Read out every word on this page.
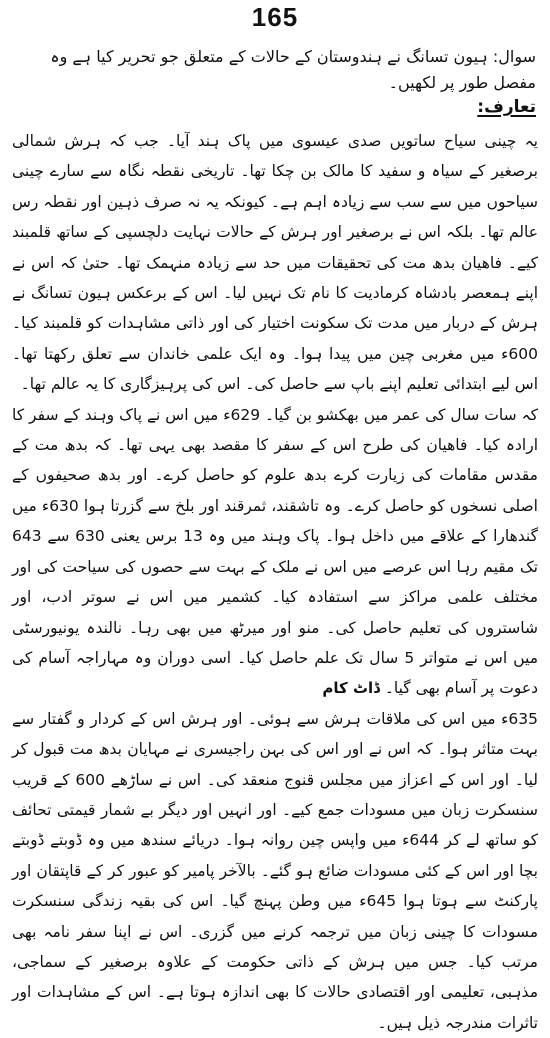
165
سوال: ہیون تسانگ نے ہندوستان کے حالات کے متعلق جو تحریر کیا ہے وہ مفصل طور پر لکھیں۔
تعارف:

یہ چینی سیاح ساتویں صدی عیسوی میں پاک ہند آیا۔ جب کہ ہرش شمالی برصغیر کے سیاہ و سفید کا مالک بن چکا تھا۔ تاریخی نقطہ نگاہ سے سارے چینی سیاحوں میں سے سب سے زیادہ اہم ہے۔ کیونکہ یہ نہ صرف ذہین اور نقطہ رس عالم تھا۔ بلکہ اس نے برصغیر اور ہرش کے حالات نہایت دلچسپی کے ساتھ قلمبند کیے۔ فاھیان بدھ مت کی تحقیقات میں حد سے زیادہ منہمک تھا۔ حتیٰ کہ اس نے اپنے ہمعصر بادشاہ کرمادیت کا نام تک نہیں لیا۔ اس کے برعکس ہیون تسانگ نے ہرش کے دربار میں مدت تک سکونت اختیار کی اور ذاتی مشاہدات کو قلمبند کیا۔ 600ء میں مغربی چین میں پیدا ہوا۔ وہ ایک علمی خاندان سے تعلق رکھتا تھا۔ اس لیے ابتدائی تعلیم اپنے باپ سے حاصل کی۔ اس کی پرہیزگاری کا یہ عالم تھا۔

کہ سات سال کی عمر میں بھکشو بن گیا۔ 629ء میں اس نے پاک وہند کے سفر کا ارادہ کیا۔ فاھیان کی طرح اس کے سفر کا مقصد بھی یہی تھا۔ کہ بدھ مت کے مقدس مقامات کی زیارت کرے بدھ علوم کو حاصل کرے۔ اور بدھ صحیفوں کے اصلی نسخوں کو حاصل کرے۔ وہ تاشقند، ثمرقند اور بلخ سے گزرتا ہوا 630ء میں گندھارا کے علاقے میں داخل ہوا۔ پاک وہند میں وہ 13 برس یعنی 630 سے 643 تک مقیم رہا اس عرصے میں اس نے ملک کے بہت سے حصوں کی سیاحت کی اور مختلف علمی مراکز سے استفادہ کیا۔ کشمیر میں اس نے سوتر ادب، اور شاستروں کی تعلیم حاصل کی۔ منو اور میرٹھ میں بھی رہا۔ نالندہ یونیورسٹی میں اس نے متواتر 5 سال تک علم حاصل کیا۔ اسی دوران وہ مہاراجہ آسام کی دعوت پر آسام بھی گیا۔ ڈاٹ کام

635ء میں اس کی ملاقات ہرش سے ہوئی۔ اور ہرش اس کے کردار و گفتار سے بہت متاثر ہوا۔ کہ اس نے اور اس کی بہن راجیسری نے مہایان بدھ مت قبول کر لیا۔ اور اس کے اعزاز میں مجلس قنوج منعقد کی۔ اس نے ساڑھے 600 کے قریب سنسکرت زبان میں مسودات جمع کیے۔ اور انہیں اور دیگر بے شمار قیمتی تحائف کو ساتھ لے کر 644ء میں واپس چین روانہ ہوا۔ دریائے سندھ میں وہ ڈوبتے ڈوبتے بچا اور اس کے کئی مسودات ضائع ہو گئے۔ بالآخر پامیر کو عبور کر کے قاپتقان اور پارکنٹ سے ہوتا ہوا 645ء میں وطن پہنچ گیا۔ اس کی بقیہ زندگی سنسکرت مسودات کا چینی زبان میں ترجمہ کرنے میں گزری۔ اس نے اپنا سفر نامہ بھی مرتب کیا۔ جس میں ہرش کے ذاتی حکومت کے علاوہ برصغیر کے سماجی، مذہبی، تعلیمی اور اقتصادی حالات کا بھی اندازہ ہوتا ہے۔ اس کے مشاہدات اور تاثرات مندرجہ ذیل ہیں۔
